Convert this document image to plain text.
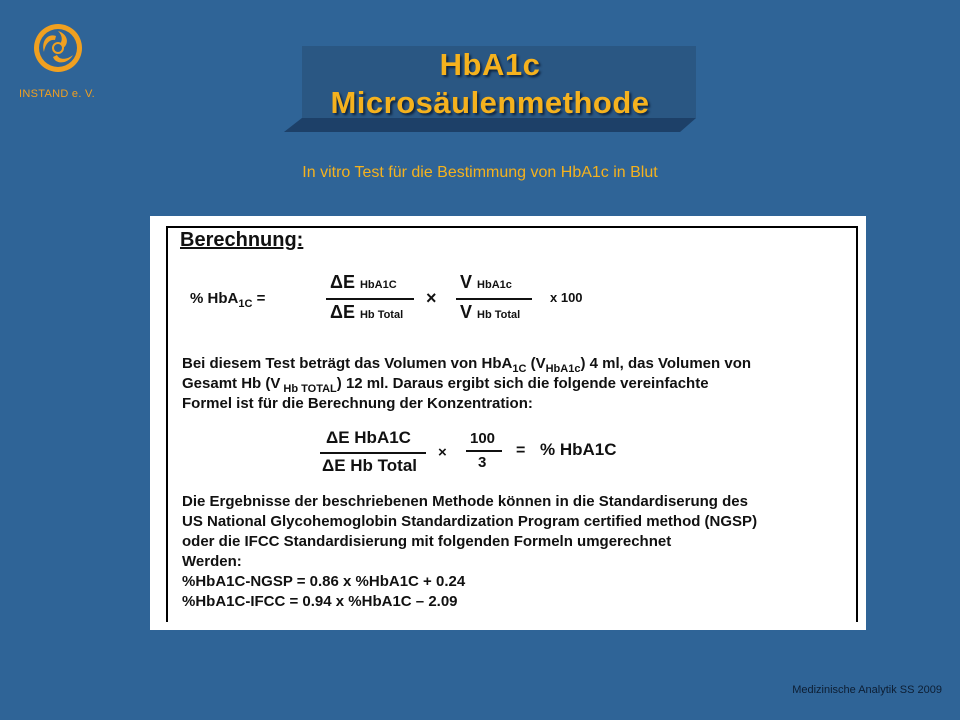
INSTAND e. V.
HbA1c
Microsäulenmethode
In vitro Test für die Bestimmung von HbA1c in Blut
Berechnung:
% HbA$_{1C}$ =
ΔE HbA1C
ΔE Hb Total
×
V HbA1c
V Hb Total
x 100
Bei diesem Test beträgt das Volumen von HbA$_{1C}$ $(V_{HbA1c})$ 4 ml, das Volumen von
Gesamt Hb (V $_{Hb TOTAL}$) 12 ml. Daraus ergibt sich die folgende vereinfachte
Formel ist für die Berechnung der Konzentration:
ΔE HbA1C
ΔE Hb Total
×
100
3
= % HbA1C
Die Ergebnisse der beschriebenen Methode können in die Standardiserung des
US National Glycohemoglobin Standardization Program certified method (NGSP)
oder die IFCC Standardisierung mit folgenden Formeln umgerechnet
Werden:
%HbA1C-NGSP = 0.86 x %HbA1C + 0.24
%HbA1C-IFCC = 0.94 x %HbA1C – 2.09
Medizinische Analytik SS 2009
